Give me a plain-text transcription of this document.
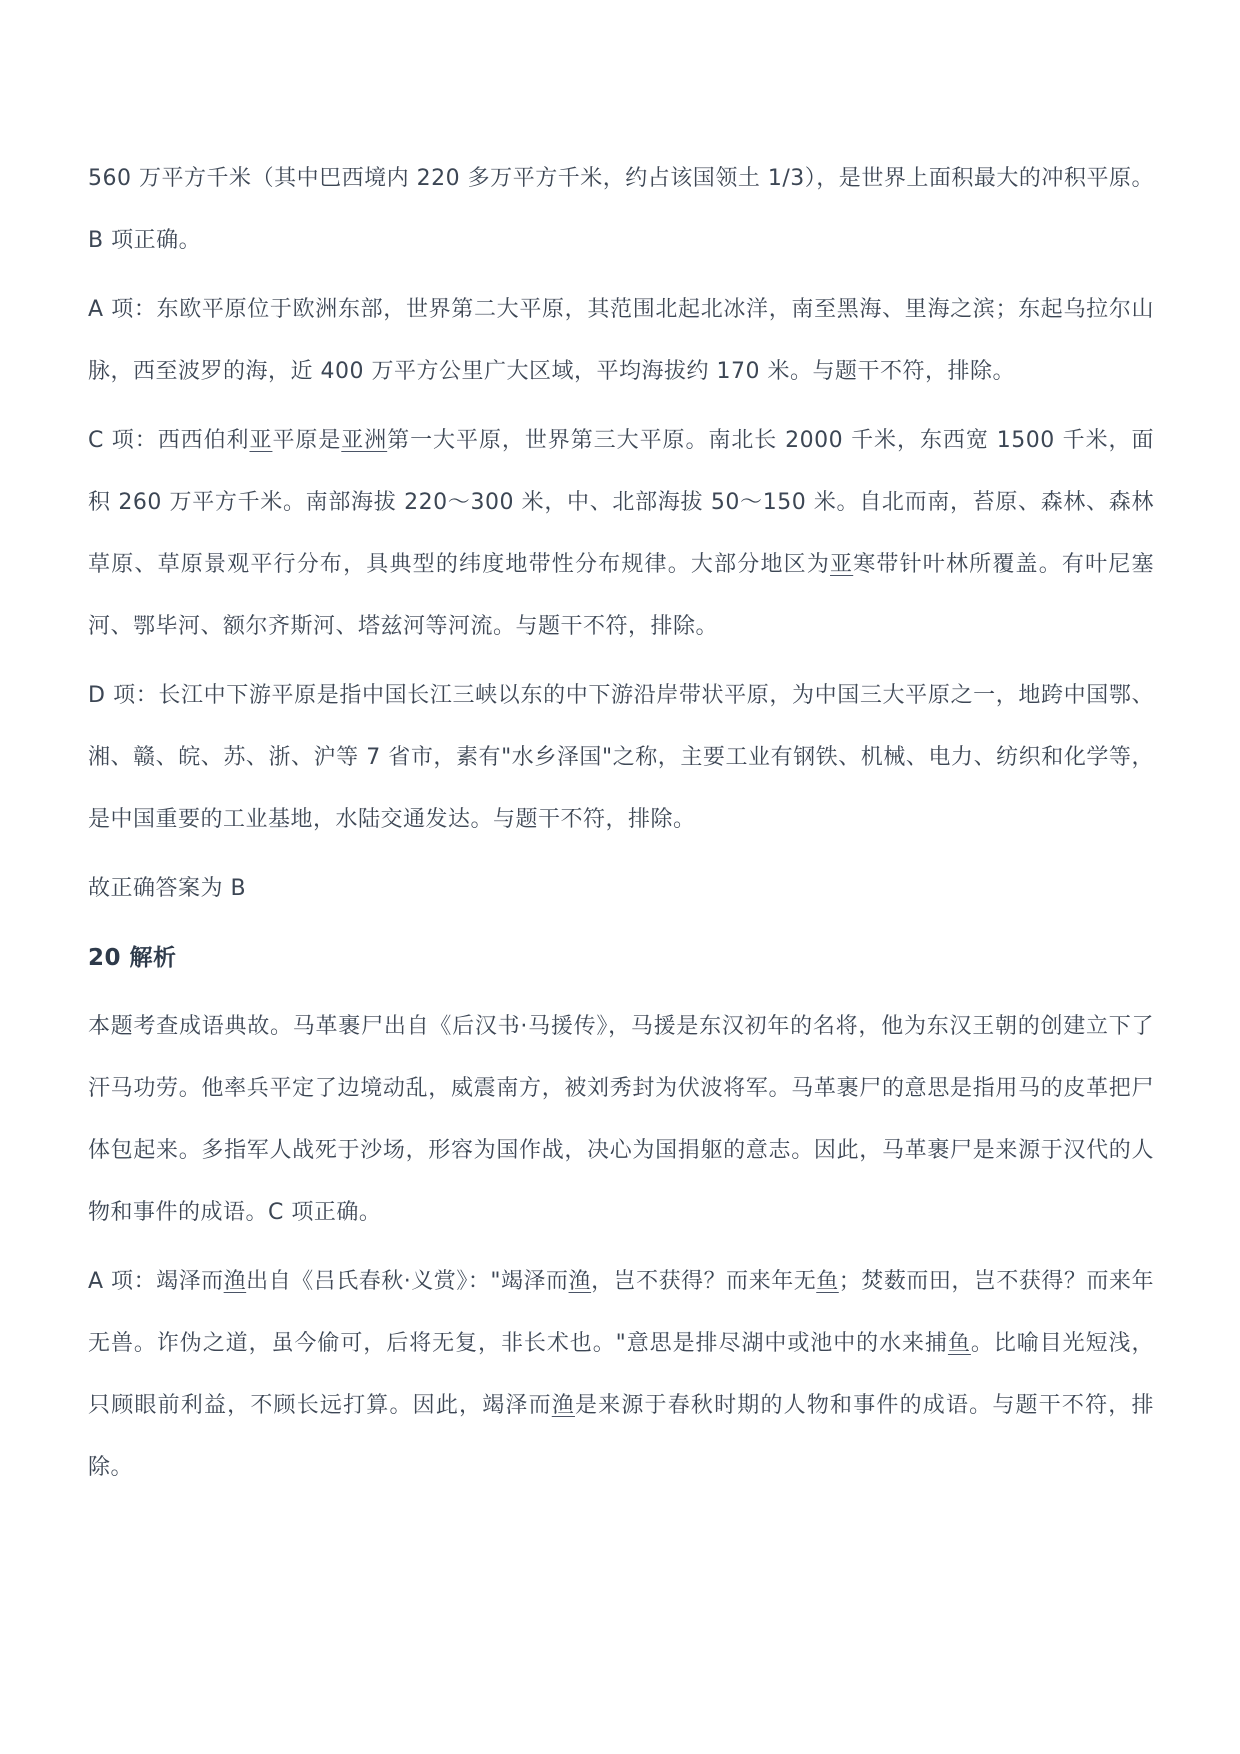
560 万平方千米（其中巴西境内 220 多万平方千米，约占该国领土 1/3），是世界上面积最大的冲积平原。B 项正确。

A 项：东欧平原位于欧洲东部，世界第二大平原，其范围北起北冰洋，南至黑海、里海之滨；东起乌拉尔山脉，西至波罗的海，近 400 万平方公里广大区域，平均海拔约 170 米。与题干不符，排除。

C 项：西西伯利亚平原是亚洲第一大平原，世界第三大平原。南北长 2000 千米，东西宽 1500 千米，面积 260 万平方千米。南部海拔 220～300 米，中、北部海拔 50～150 米。自北而南，苔原、森林、森林草原、草原景观平行分布，具典型的纬度地带性分布规律。大部分地区为亚寒带针叶林所覆盖。有叶尼塞河、鄂毕河、额尔齐斯河、塔兹河等河流。与题干不符，排除。

D 项：长江中下游平原是指中国长江三峡以东的中下游沿岸带状平原，为中国三大平原之一，地跨中国鄂、湘、赣、皖、苏、浙、沪等 7 省市，素有"水乡泽国"之称，主要工业有钢铁、机械、电力、纺织和化学等，是中国重要的工业基地，水陆交通发达。与题干不符，排除。

故正确答案为 B

20 解析

本题考查成语典故。马革裹尸出自《后汉书·马援传》，马援是东汉初年的名将，他为东汉王朝的创建立下了汗马功劳。他率兵平定了边境动乱，威震南方，被刘秀封为伏波将军。马革裹尸的意思是指用马的皮革把尸体包起来。多指军人战死于沙场，形容为国作战，决心为国捐躯的意志。因此，马革裹尸是来源于汉代的人物和事件的成语。C 项正确。

A 项：竭泽而渔出自《吕氏春秋·义赏》："竭泽而渔，岂不获得？而来年无鱼；焚薮而田，岂不获得？而来年无兽。诈伪之道，虽今偷可，后将无复，非长术也。"意思是排尽湖中或池中的水来捕鱼。比喻目光短浅，只顾眼前利益，不顾长远打算。因此，竭泽而渔是来源于春秋时期的人物和事件的成语。与题干不符，排除。
